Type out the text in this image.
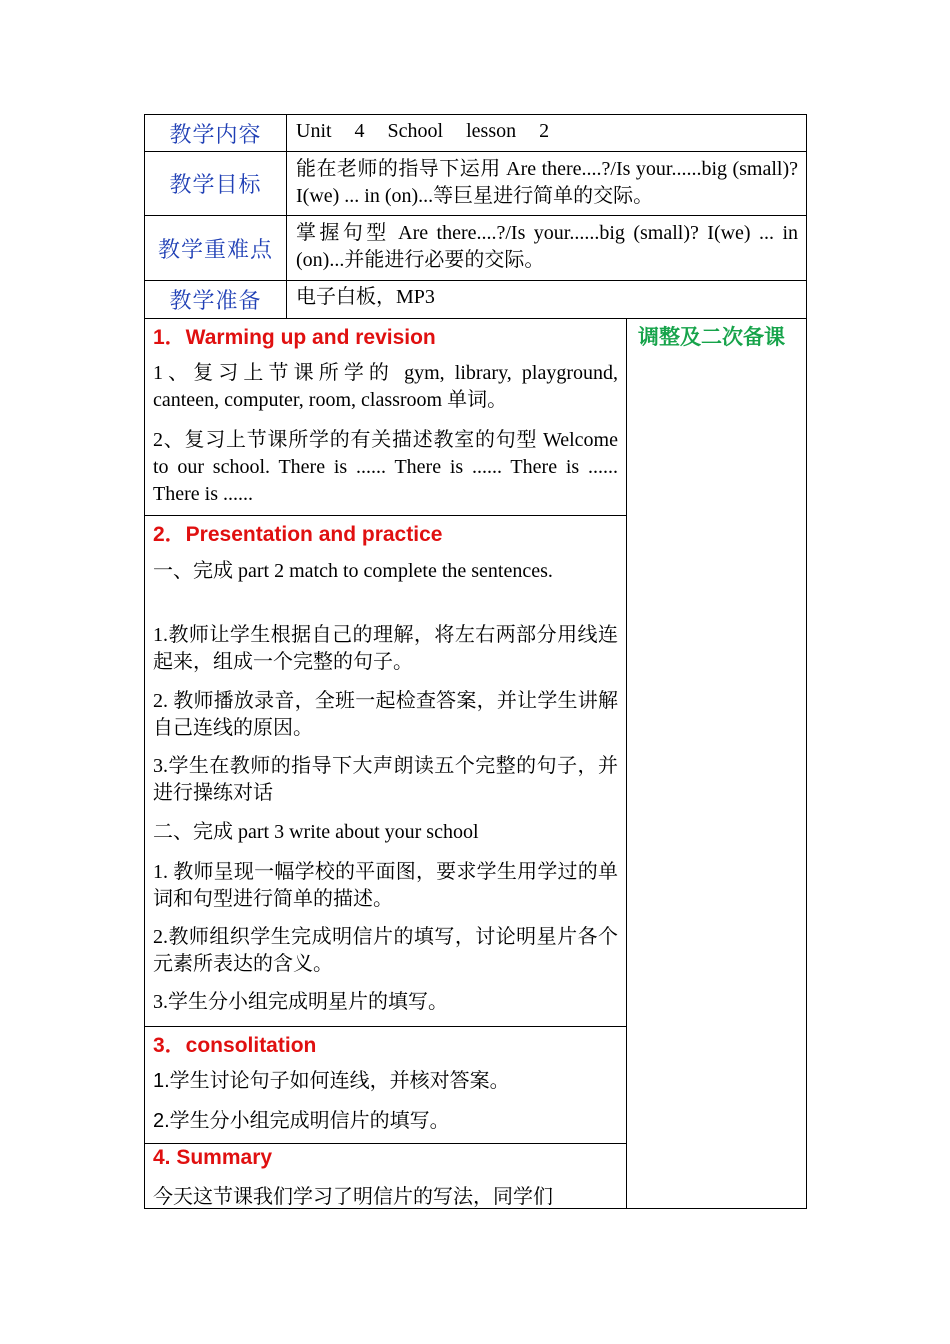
教学内容	Unit 4 School lesson 2
教学目标
能在老师的指导下运用 Are there....?/Is your......big (small)? I(we) ... in (on)...等巨星进行简单的交际。
教学重难点
掌握句型 Are there....?/Is your......big (small)? I(we) ... in (on)...并能进行必要的交际。
教学准备	电子白板，MP3
调整及二次备课
1．Warming up and revision
1、复习上节课所学的 gym, library, playground, canteen, computer, room, classroom 单词。
2、复习上节课所学的有关描述教室的句型 Welcome to our school. There is ...... There is ...... There is ...... There is ......
2．Presentation and practice
一、完成 part 2 match to complete the sentences.
1.教师让学生根据自己的理解，将左右两部分用线连起来，组成一个完整的句子。
2. 教师播放录音，全班一起检查答案，并让学生讲解自己连线的原因。
3.学生在教师的指导下大声朗读五个完整的句子，并进行操练对话
二、完成 part 3 write about your school
1. 教师呈现一幅学校的平面图，要求学生用学过的单词和句型进行简单的描述。
2.教师组织学生完成明信片的填写，讨论明星片各个元素所表达的含义。
3.学生分小组完成明星片的填写。
3．consolitation
1.学生讨论句子如何连线，并核对答案。
2.学生分小组完成明信片的填写。
4. Summary
今天这节课我们学习了明信片的写法，同学们
